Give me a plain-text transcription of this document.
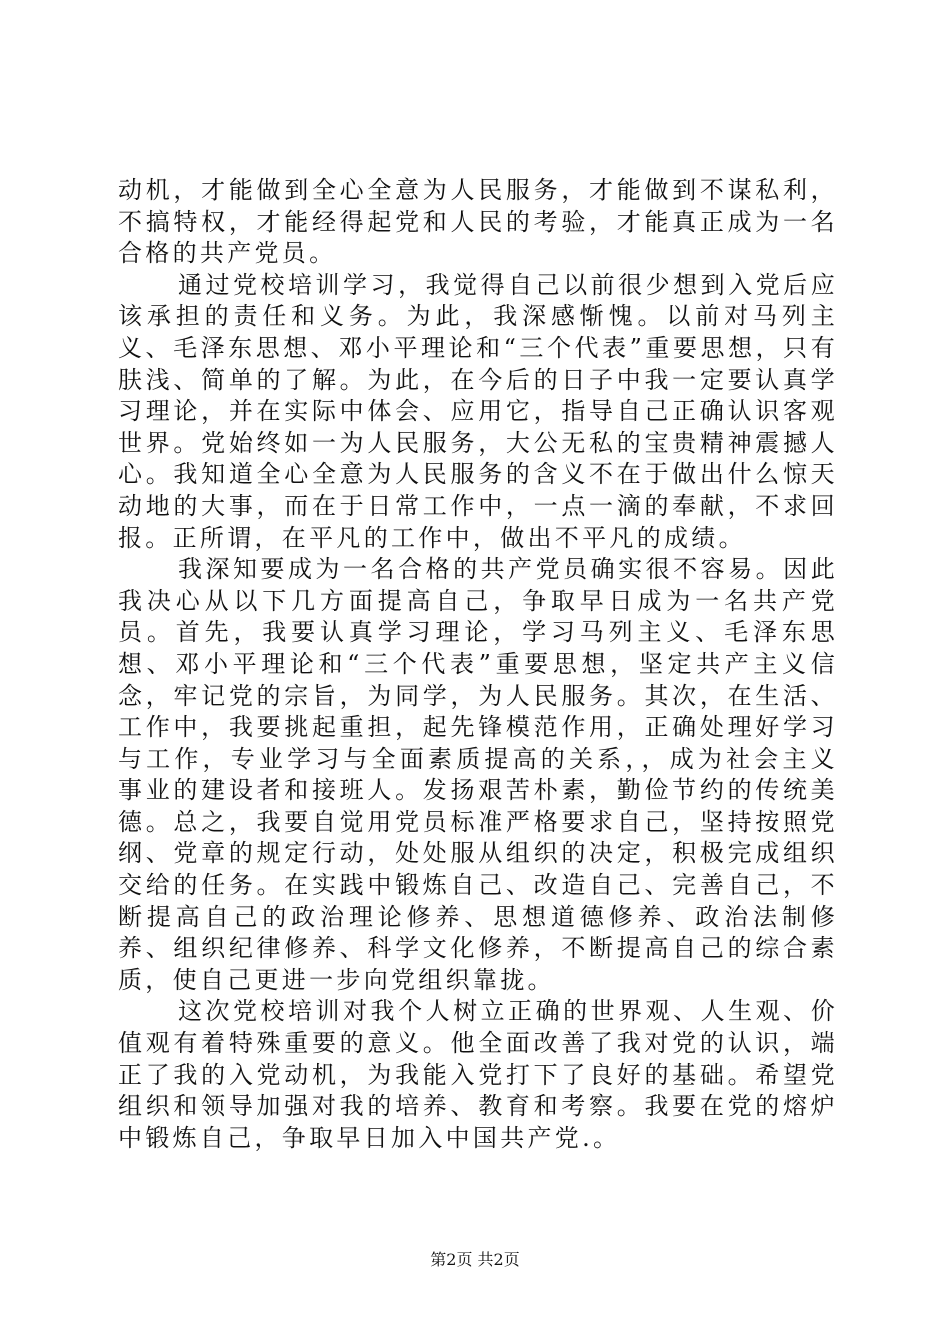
动机，才能做到全心全意为人民服务，才能做到不谋私利，不搞特权，才能经得起党和人民的考验，才能真正成为一名合格的共产党员。

通过党校培训学习，我觉得自己以前很少想到入党后应该承担的责任和义务。为此，我深感惭愧。以前对马列主义、毛泽东思想、邓小平理论和“三个代表”重要思想，只有肤浅、简单的了解。为此，在今后的日子中我一定要认真学习理论，并在实际中体会、应用它，指导自己正确认识客观世界。党始终如一为人民服务，大公无私的宝贵精神震撼人心。我知道全心全意为人民服务的含义不在于做出什么惊天动地的大事，而在于日常工作中，一点一滴的奉献，不求回报。正所谓，在平凡的工作中，做出不平凡的成绩。

我深知要成为一名合格的共产党员确实很不容易。因此我决心从以下几方面提高自己，争取早日成为一名共产党员。首先，我要认真学习理论，学习马列主义、毛泽东思想、邓小平理论和“三个代表”重要思想，坚定共产主义信念，牢记党的宗旨，为同学，为人民服务。其次，在生活、工作中，我要挑起重担，起先锋模范作用，正确处理好学习与工作，专业学习与全面素质提高的关系，，成为社会主义事业的建设者和接班人。发扬艰苦朴素，勤俭节约的传统美德。总之，我要自觉用党员标准严格要求自己，坚持按照党纲、党章的规定行动，处处服从组织的决定，积极完成组织交给的任务。在实践中锻炼自己、改造自己、完善自己，不断提高自己的政治理论修养、思想道德修养、政治法制修养、组织纪律修养、科学文化修养，不断提高自己的综合素质，使自己更进一步向党组织靠拢。

这次党校培训对我个人树立正确的世界观、人生观、价值观有着特殊重要的意义。他全面改善了我对党的认识，端正了我的入党动机，为我能入党打下了良好的基础。希望党组织和领导加强对我的培养、教育和考察。我要在党的熔炉中锻炼自己，争取早日加入中国共产党.。

第2页 共2页
